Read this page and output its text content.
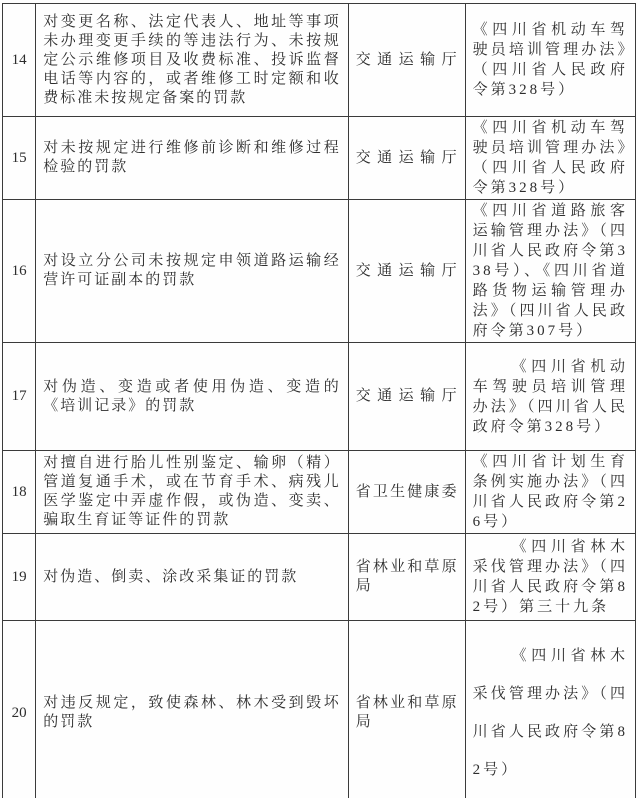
14	对变更名称、法定代表人、地址等事项未办理变更手续的等违法行为、未按规定公示维修项目及收费标准、投诉监督电话等内容的，或者维修工时定额和收费标准未按规定备案的罚款	交通运输厅	《四川省机动车驾驶员培训管理办法》（四川省人民政府令第328号）
15	对未按规定进行维修前诊断和维修过程检验的罚款	交通运输厅	《四川省机动车驾驶员培训管理办法》（四川省人民政府令第328号）
16	对设立分公司未按规定申领道路运输经营许可证副本的罚款	交通运输厅	《四川省道路旅客运输管理办法》（四川省人民政府令第338号）、《四川省道路货物运输管理办法》（四川省人民政府令第307号）
17	对伪造、变造或者使用伪造、变造的《培训记录》的罚款	交通运输厅	《四川省机动车驾驶员培训管理办法》（四川省人民政府令第328号）
18	对擅自进行胎儿性别鉴定、输卵（精）管道复通手术，或在节育手术、病残儿医学鉴定中弄虚作假，或伪造、变卖、骗取生育证等证件的罚款	省卫生健康委	《四川省计划生育条例实施办法》（四川省人民政府令第26号）
19	对伪造、倒卖、涂改采集证的罚款	省林业和草原局	《四川省林木采伐管理办法》（四川省人民政府令第82号）第三十九条
20	对违反规定，致使森林、林木受到毁坏的罚款	省林业和草原局	《四川省林木采伐管理办法》（四川省人民政府令第82号）
